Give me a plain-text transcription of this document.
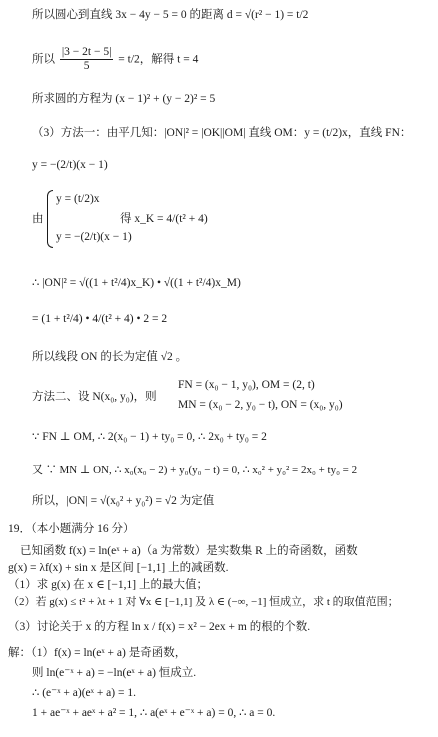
所以圆心到直线 3x − 4y − 5 = 0 的距离 d = √(r² − 1) = t/2
所以 $\frac{|3 - 2t - 5|}{5} = t/2$，解得 t = 4
所求圆的方程为 (x − 1)² + (y − 2)² = 5
（3）方法一：由平几知：|ON|² = |OK||OM| 直线 OM：y = (t/2)x，直线 FN：
y = −(2/t)(x − 1)
由
y = (t/2)x
y = −(2/t)(x − 1)
得 x_K = 4/(t² + 4)
∴ |ON|² = √((1 + t²/4)x_K) • √((1 + t²/4)x_M)
= (1 + t²/4) • 4/(t² + 4) • 2 = 2
所以线段 ON 的长为定值 √2 。
方法二、设 N(x₀, y₀)，则
FN = (x₀ − 1, y₀), OM = (2, t)
MN = (x₀ − 2, y₀ − t), ON = (x₀, y₀)
∵ FN ⊥ OM, ∴ 2(x₀ − 1) + ty₀ = 0, ∴ 2x₀ + ty₀ = 2
又 ∵ MN ⊥ ON, ∴ x₀(x₀ − 2) + y₀(y₀ − t) = 0, ∴ x₀² + y₀² = 2x₀ + ty₀ = 2
所以，|ON| = √(x₀² + y₀²) = √2 为定值
19．（本小题满分 16 分）
已知函数 f(x) = ln(eˣ + a)（a 为常数）是实数集 R 上的奇函数，函数
g(x) = λf(x) + sin x 是区间 [−1,1] 上的减函数.
（1）求 g(x) 在 x ∈ [−1,1] 上的最大值；
（2）若 g(x) ≤ t² + λt + 1 对 ∀x ∈ [−1,1] 及 λ ∈ (−∞, −1] 恒成立，求 t 的取值范围；
（3）讨论关于 x 的方程 ln x / f(x) = x² − 2ex + m 的根的个数.
解：（1）f(x) = ln(eˣ + a) 是奇函数，
则 ln(e⁻ˣ + a) = −ln(eˣ + a) 恒成立.
∴ (e⁻ˣ + a)(eˣ + a) = 1.
1 + ae⁻ˣ + aeˣ + a² = 1, ∴ a(eˣ + e⁻ˣ + a) = 0, ∴ a = 0.
